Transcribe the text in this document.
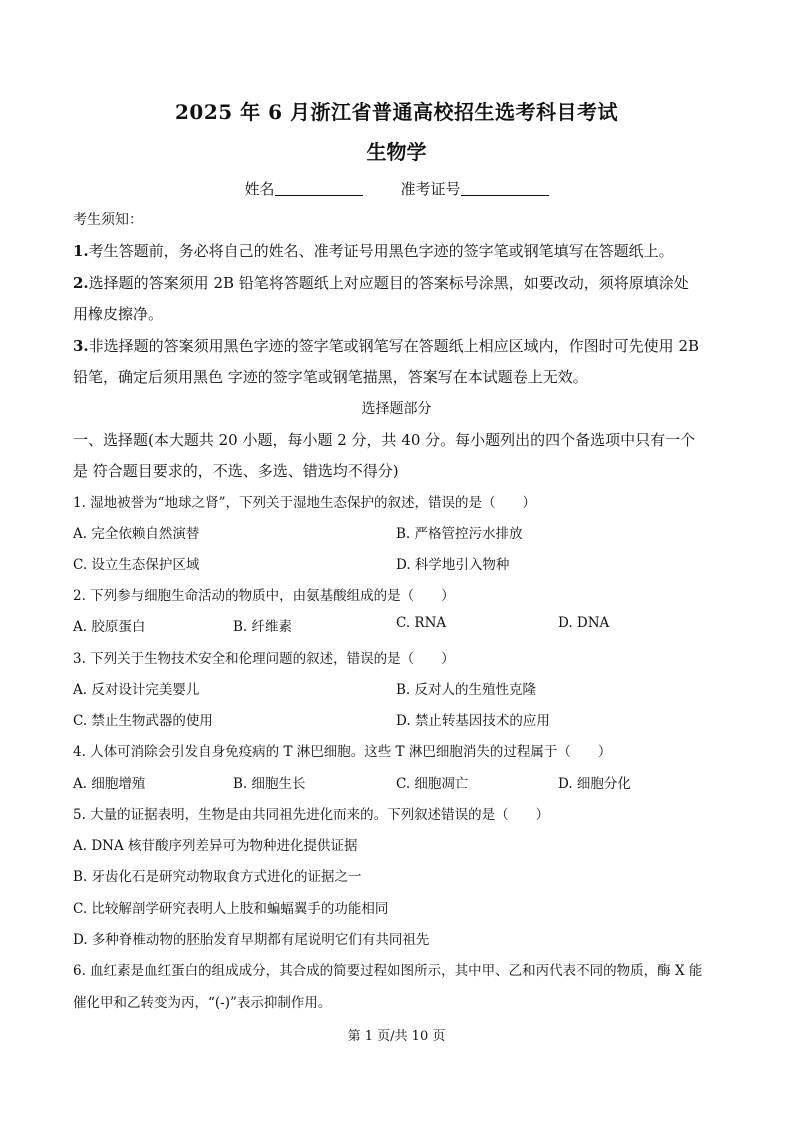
2025 年 6 月浙江省普通高校招生选考科目考试
生物学
姓名	准考证号
考生须知：
1.考生答题前，务必将自己的姓名、准考证号用黑色字迹的签字笔或钢笔填写在答题纸上。
2.选择题的答案须用 2B 铅笔将答题纸上对应题目的答案标号涂黑，如要改动，须将原填涂处
用橡皮擦净。
3.非选择题的答案须用黑色字迹的签字笔或钢笔写在答题纸上相应区域内，作图时可先使用 2B
铅笔，确定后须用黑色 字迹的签字笔或钢笔描黑，答案写在本试题卷上无效。
选择题部分
一、选择题(本大题共 20 小题，每小题 2 分，共 40 分。每小题列出的四个备选项中只有一个
是 符合题目要求的，不选、多选、错选均不得分)
1. 湿地被誉为“地球之肾”，下列关于湿地生态保护的叙述，错误的是（　　）
A. 完全依赖自然演替	B. 严格管控污水排放
C. 设立生态保护区域	D. 科学地引入物种
2. 下列参与细胞生命活动的物质中，由氨基酸组成的是（　　）
A. 胶原蛋白	B. 纤维素	C. RNA	D. DNA
3. 下列关于生物技术安全和伦理问题的叙述，错误的是（　　）
A. 反对设计完美婴儿	B. 反对人的生殖性克隆
C. 禁止生物武器的使用	D. 禁止转基因技术的应用
4. 人体可消除会引发自身免疫病的 T 淋巴细胞。这些 T 淋巴细胞消失的过程属于（　　）
A. 细胞增殖	B. 细胞生长	C. 细胞凋亡	D. 细胞分化
5. 大量的证据表明，生物是由共同祖先进化而来的。下列叙述错误的是（　　）
A. DNA 核苷酸序列差异可为物种进化提供证据
B. 牙齿化石是研究动物取食方式进化的证据之一
C. 比较解剖学研究表明人上肢和蝙蝠翼手的功能相同
D. 多种脊椎动物的胚胎发育早期都有尾说明它们有共同祖先
6. 血红素是血红蛋白的组成成分，其合成的简要过程如图所示，其中甲、乙和丙代表不同的物质，酶 X 能
催化甲和乙转变为丙，“(-)”表示抑制作用。
第 1 页/共 10 页
